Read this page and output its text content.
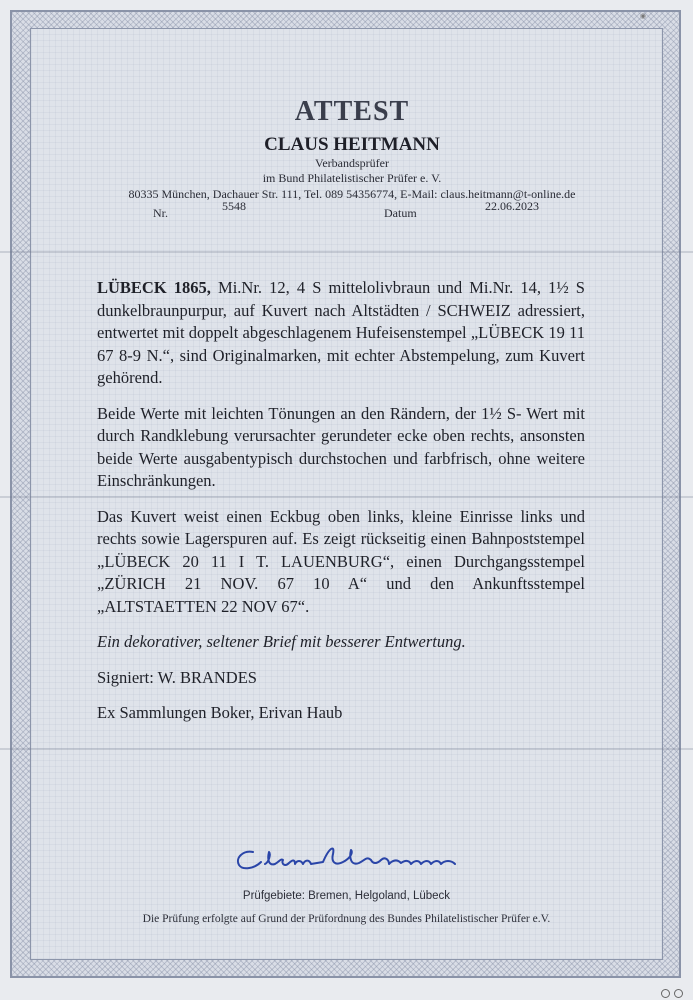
ATTEST
CLAUS HEITMANN
Verbandsprüfer
im Bund Philatelistischer Prüfer e. V.
80335 München, Dachauer Str. 111, Tel. 089 54356774, E-Mail: claus.heitmann@t-online.de
Nr.	5548	Datum	22.06.2023

LÜBECK 1865, Mi.Nr. 12, 4 S mittelolivbraun und Mi.Nr. 14, 1½ S dunkelbraunpurpur, auf Kuvert nach Altstädten / SCHWEIZ adressiert, entwertet mit doppelt abgeschlagenem Hufeisenstempel „LÜBECK 19 11 67 8-9 N.“, sind Originalmarken, mit echter Abstempelung, zum Kuvert gehörend.

Beide Werte mit leichten Tönungen an den Rändern, der 1½ S- Wert mit durch Randklebung verursachter gerundeter ecke oben rechts, ansonsten beide Werte ausgabentypisch durchstochen und farbfrisch, ohne weitere Einschränkungen.

Das Kuvert weist einen Eckbug oben links, kleine Einrisse links und rechts sowie Lagerspuren auf. Es zeigt rückseitig einen Bahnpoststempel „LÜBECK 20 11 I T. LAUENBURG“, einen Durchgangsstempel „ZÜRICH 21 NOV. 67 10 A“ und den Ankunftsstempel „ALTSTAETTEN 22 NOV 67“.

Ein dekorativer, seltener Brief mit besserer Entwertung.

Signiert: W. BRANDES

Ex Sammlungen Boker, Erivan Haub

Prüfgebiete: Bremen, Helgoland, Lübeck
Die Prüfung erfolgte auf Grund der Prüfordnung des Bundes Philatelistischer Prüfer e.V.
◉
